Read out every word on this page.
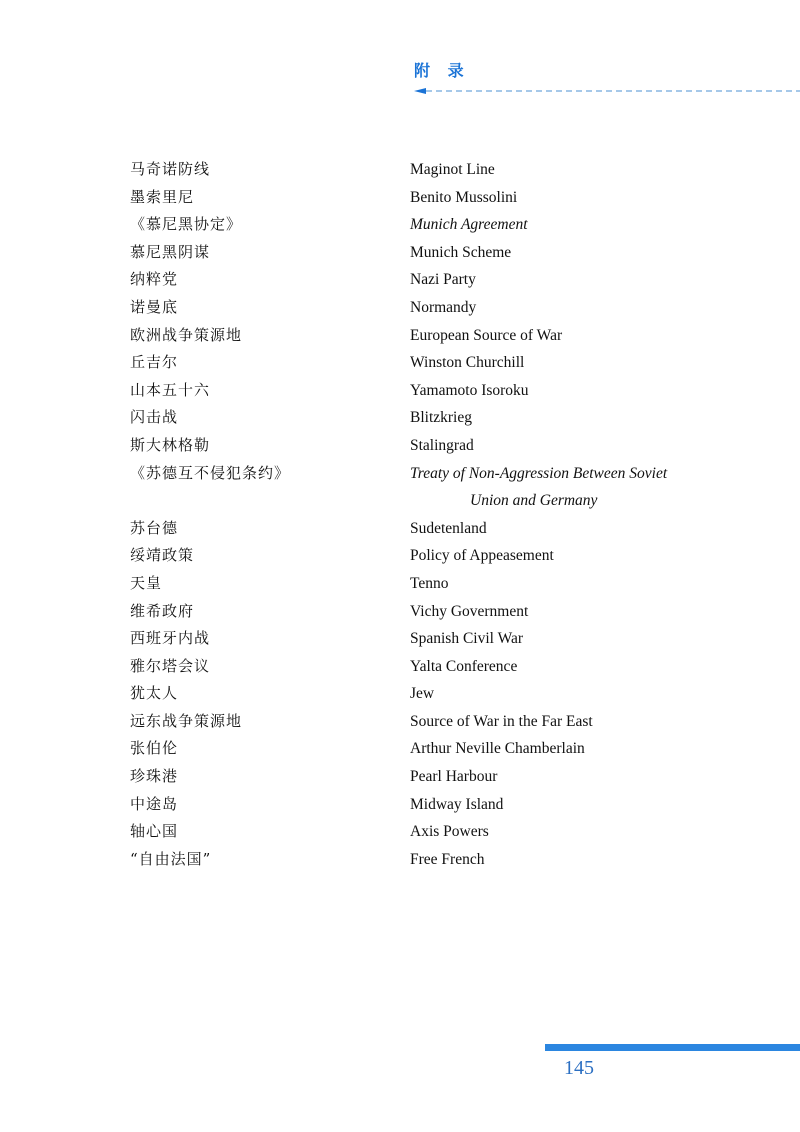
附 录
马奇诺防线	Maginot Line
墨索里尼	Benito Mussolini
《慕尼黑协定》	Munich Agreement
慕尼黑阴谋	Munich Scheme
纳粹党	Nazi Party
诺曼底	Normandy
欧洲战争策源地	European Source of War
丘吉尔	Winston Churchill
山本五十六	Yamamoto Isoroku
闪击战	Blitzkrieg
斯大林格勒	Stalingrad
《苏德互不侵犯条约》	Treaty of Non-Aggression Between Soviet
Union and Germany
苏台德	Sudetenland
绥靖政策	Policy of Appeasement
天皇	Tenno
维希政府	Vichy Government
西班牙内战	Spanish Civil War
雅尔塔会议	Yalta Conference
犹太人	Jew
远东战争策源地	Source of War in the Far East
张伯伦	Arthur Neville Chamberlain
珍珠港	Pearl Harbour
中途岛	Midway Island
轴心国	Axis Powers
“自由法国”	Free French
145
